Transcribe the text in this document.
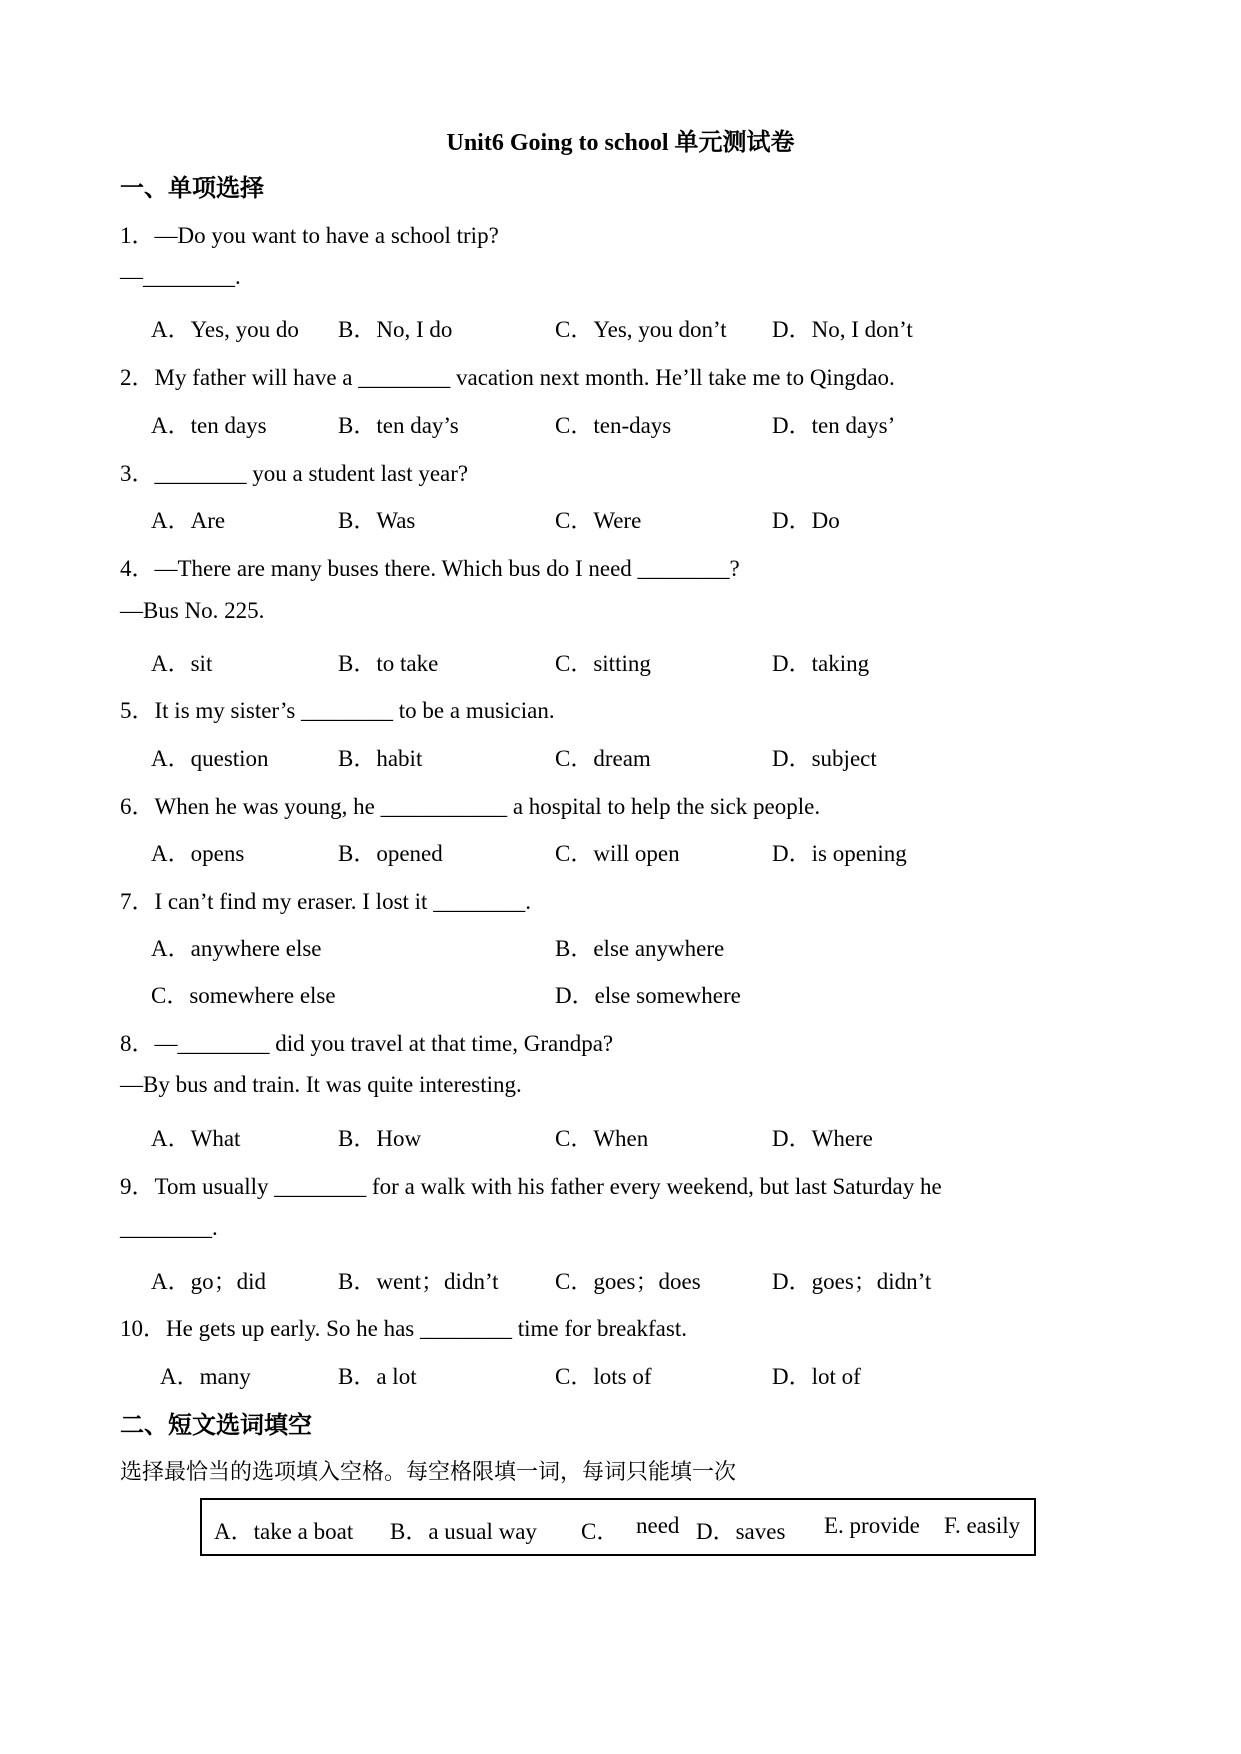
Unit6 Going to school 单元测试卷
一、单项选择
1．—Do you want to have a school trip?
—________.
A．Yes, you do B．No, I do	C．Yes, you don’t D．No, I don’t
2．My father will have a ________ vacation next month. He’ll take me to Qingdao.
A．ten days	B．ten day’s	C．ten-days	D．ten days’
3．________ you a student last year?
A．Are	B．Was	C．Were	D．Do
4．—There are many buses there. Which bus do I need ________?
—Bus No. 225.
A．sit	B．to take	C．sitting	D．taking
5．It is my sister’s ________ to be a musician.
A．question	B．habit	C．dream	D．subject
6．When he was young, he ___________ a hospital to help the sick people.
A．opens	B．opened	C．will open	D．is opening
7．I can’t find my eraser. I lost it ________.
A．anywhere else	B．else anywhere
C．somewhere else	D．else somewhere
8．—________ did you travel at that time, Grandpa?
—By bus and train. It was quite interesting.
A．What	B．How	C．When	D．Where
9．Tom usually ________ for a walk with his father every weekend, but last Saturday he
________.
A．go；did	B．went；didn’t C．goes；does	D．goes；didn’t
10．He gets up early. So he has ________ time for breakfast.
A．many	B．a lot	C．lots of	D．lot of
二、短文选词填空
选择最恰当的选项填入空格。每空格限填一词，每词只能填一次
A．take a boat B．a usual way C． need D．saves E. provide F. easily
